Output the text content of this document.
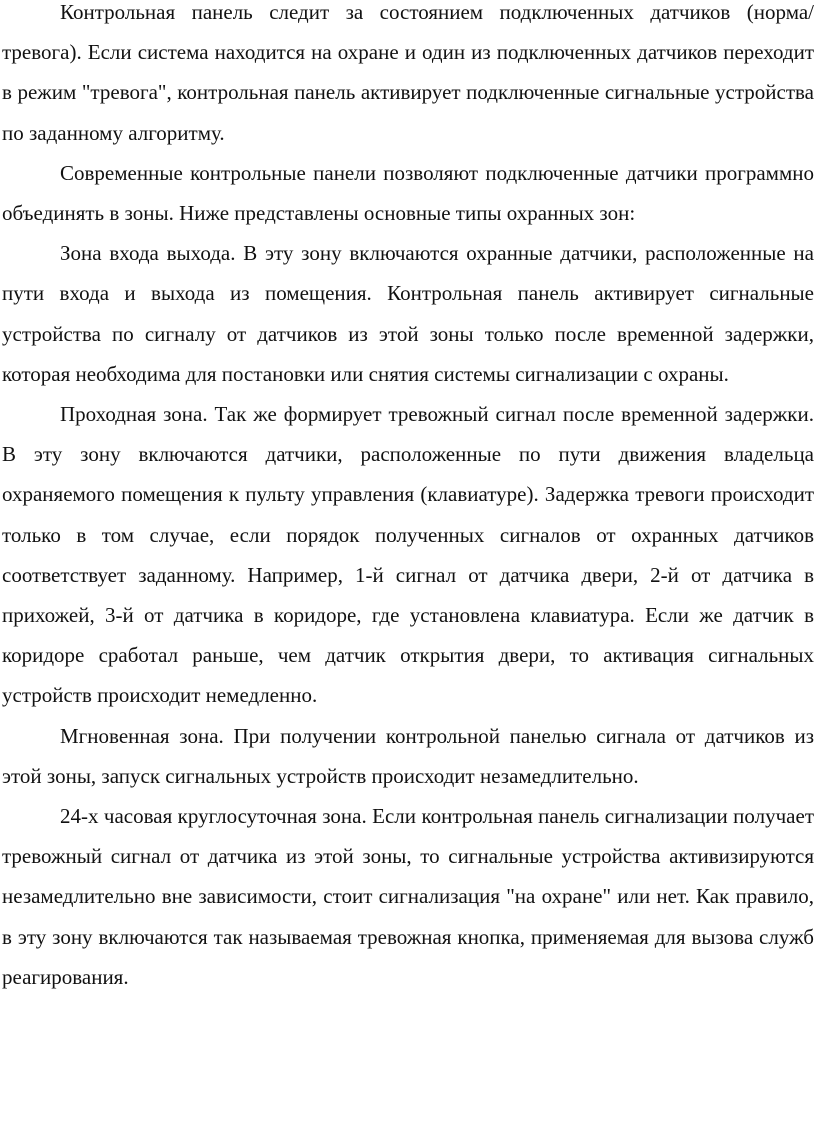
Контрольная панель следит за состоянием подключенных датчиков (норма/тревога). Если система находится на охране и один из подключенных датчиков переходит в режим "тревога", контрольная панель активирует подключенные сигнальные устройства по заданному алгоритму.

Современные контрольные панели позволяют подключенные датчики программно объединять в зоны. Ниже представлены основные типы охранных зон:

Зона входа выхода. В эту зону включаются охранные датчики, расположенные на пути входа и выхода из помещения. Контрольная панель активирует сигнальные устройства по сигналу от датчиков из этой зоны только после временной задержки, которая необходима для постановки или снятия системы сигнализации с охраны.

Проходная зона. Так же формирует тревожный сигнал после временной задержки. В эту зону включаются датчики, расположенные по пути движения владельца охраняемого помещения к пульту управления (клавиатуре). Задержка тревоги происходит только в том случае, если порядок полученных сигналов от охранных датчиков соответствует заданному. Например, 1-й сигнал от датчика двери, 2-й от датчика в прихожей, 3-й от датчика в коридоре, где установлена клавиатура. Если же датчик в коридоре сработал раньше, чем датчик открытия двери, то активация сигнальных устройств происходит немедленно.

Мгновенная зона. При получении контрольной панелью сигнала от датчиков из этой зоны, запуск сигнальных устройств происходит незамедлительно.

24-х часовая круглосуточная зона. Если контрольная панель сигнализации получает тревожный сигнал от датчика из этой зоны, то сигнальные устройства активизируются незамедлительно вне зависимости, стоит сигнализация "на охране" или нет. Как правило, в эту зону включаются так называемая тревожная кнопка, применяемая для вызова служб реагирования.
